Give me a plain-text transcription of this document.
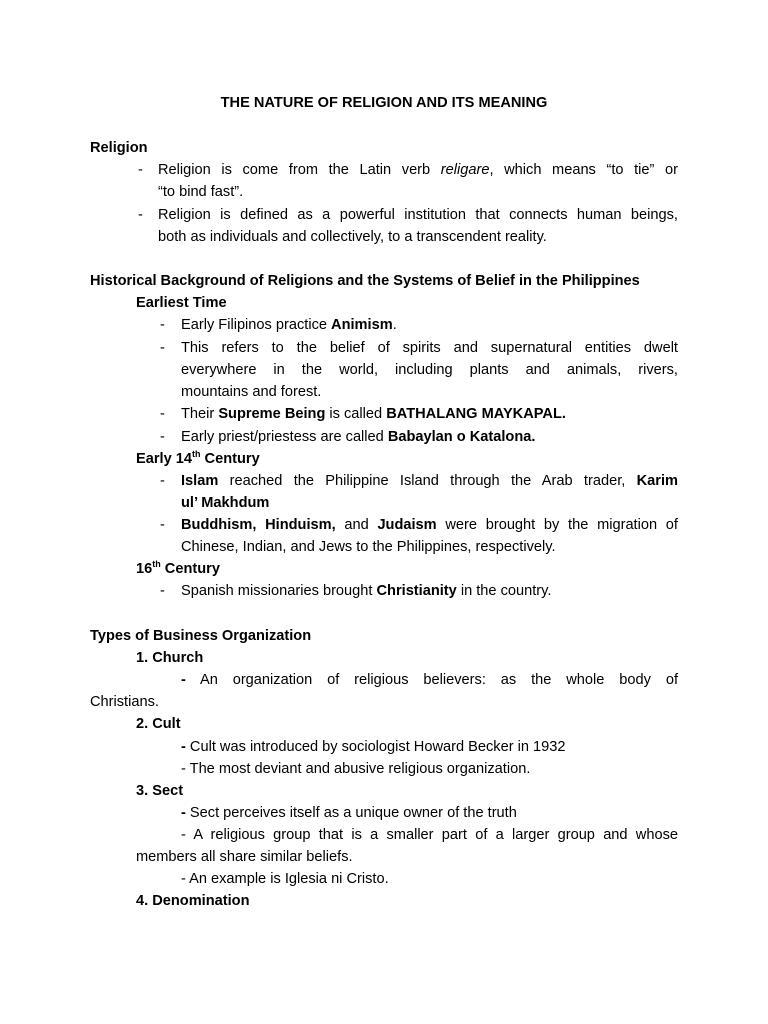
THE NATURE OF RELIGION AND ITS MEANING
Religion
- Religion is come from the Latin verb religare, which means “to tie” or
“to bind fast”.
- Religion is defined as a powerful institution that connects human beings,
both as individuals and collectively, to a transcendent reality.
Historical Background of Religions and the Systems of Belief in the Philippines
Earliest Time
- Early Filipinos practice Animism.
- This refers to the belief of spirits and supernatural entities dwelt
everywhere in the world, including plants and animals, rivers,
mountains and forest.
- Their Supreme Being is called BATHALANG MAYKAPAL.
- Early priest/priestess are called Babaylan o Katalona.
Early 14th Century
- Islam reached the Philippine Island through the Arab trader, Karim
ul’ Makhdum
- Buddhism, Hinduism, and Judaism were brought by the migration of
Chinese, Indian, and Jews to the Philippines, respectively.
16th Century
- Spanish missionaries brought Christianity in the country.
Types of Business Organization
1. Church
- An organization of religious believers: as the whole body of
Christians.
2. Cult
- Cult was introduced by sociologist Howard Becker in 1932
- The most deviant and abusive religious organization.
3. Sect
- Sect perceives itself as a unique owner of the truth
- A religious group that is a smaller part of a larger group and whose
members all share similar beliefs.
- An example is Iglesia ni Cristo.
4. Denomination
